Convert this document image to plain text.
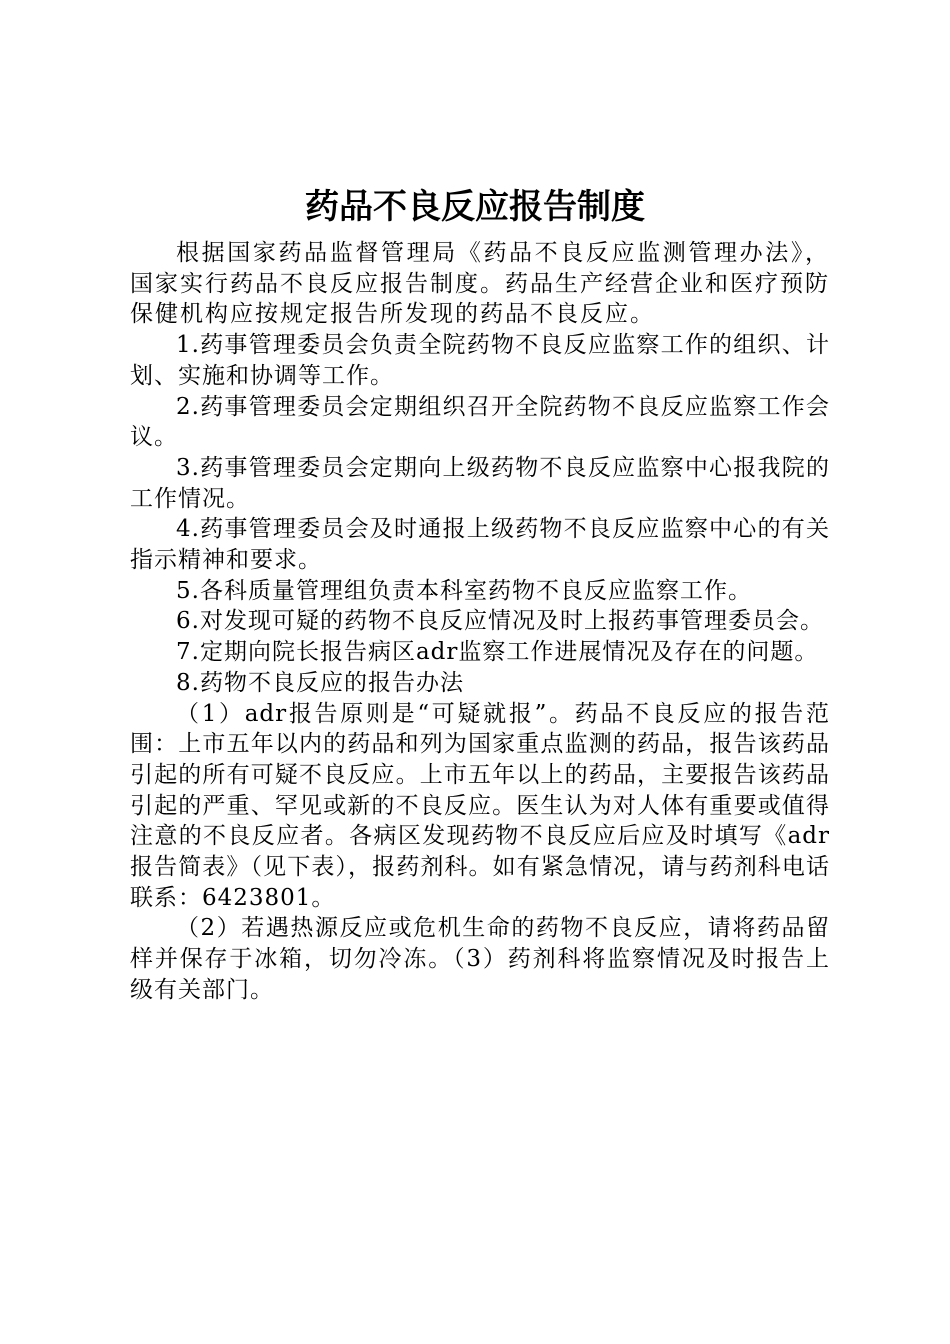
药品不良反应报告制度

根据国家药品监督管理局《药品不良反应监测管理办法》，国家实行药品不良反应报告制度。药品生产经营企业和医疗预防保健机构应按规定报告所发现的药品不良反应。

1.药事管理委员会负责全院药物不良反应监察工作的组织、计划、实施和协调等工作。

2.药事管理委员会定期组织召开全院药物不良反应监察工作会议。

3.药事管理委员会定期向上级药物不良反应监察中心报我院的工作情况。

4.药事管理委员会及时通报上级药物不良反应监察中心的有关指示精神和要求。

5.各科质量管理组负责本科室药物不良反应监察工作。

6.对发现可疑的药物不良反应情况及时上报药事管理委员会。

7.定期向院长报告病区adr监察工作进展情况及存在的问题。

8.药物不良反应的报告办法

（1）adr报告原则是“可疑就报”。药品不良反应的报告范围：上市五年以内的药品和列为国家重点监测的药品，报告该药品引起的所有可疑不良反应。上市五年以上的药品，主要报告该药品引起的严重、罕见或新的不良反应。医生认为对人体有重要或值得注意的不良反应者。各病区发现药物不良反应后应及时填写《adr报告简表》（见下表），报药剂科。如有紧急情况，请与药剂科电话联系：6423801。

（2）若遇热源反应或危机生命的药物不良反应，请将药品留样并保存于冰箱，切勿冷冻。（3）药剂科将监察情况及时报告上级有关部门。
